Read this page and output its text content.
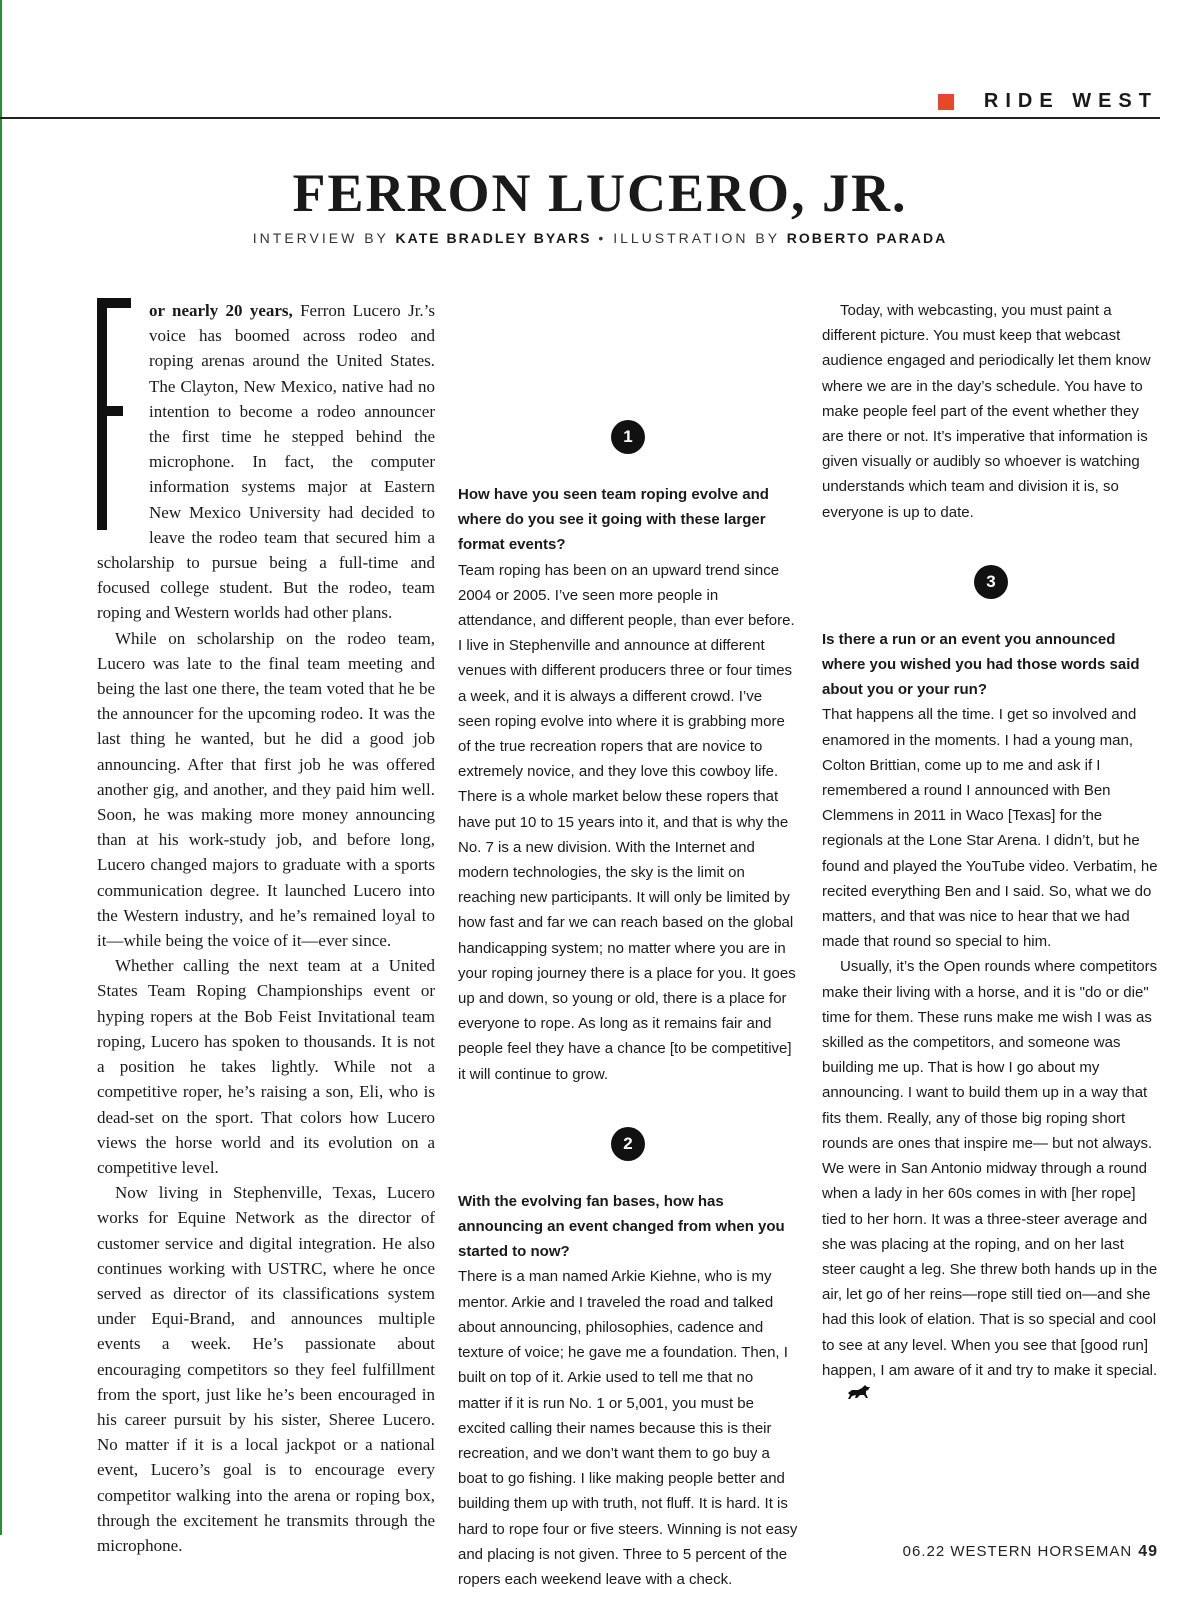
RIDE WEST
FERRON LUCERO, JR.
INTERVIEW BY KATE BRADLEY BYARS • ILLUSTRATION BY ROBERTO PARADA

or nearly 20 years, Ferron Lucero Jr.’s voice has boomed across rodeo and roping arenas around the United States. The Clayton, New Mexico, native had no intention to become a rodeo announcer the first time he stepped behind the microphone. In fact, the computer information systems major at Eastern New Mexico University had decided to leave the rodeo team that secured him a scholarship to pursue being a full-time and focused college student. But the rodeo, team roping and Western worlds had other plans.

While on scholarship on the rodeo team, Lucero was late to the final team meeting and being the last one there, the team voted that he be the announcer for the upcoming rodeo. It was the last thing he wanted, but he did a good job announcing. After that first job he was offered another gig, and another, and they paid him well. Soon, he was making more money announcing than at his work-study job, and before long, Lucero changed majors to graduate with a sports communication degree. It launched Lucero into the Western industry, and he’s remained loyal to it—while being the voice of it—ever since.

Whether calling the next team at a United States Team Roping Championships event or hyping ropers at the Bob Feist Invitational team roping, Lucero has spoken to thousands. It is not a position he takes lightly. While not a competitive roper, he’s raising a son, Eli, who is dead-set on the sport. That colors how Lucero views the horse world and its evolution on a competitive level.

Now living in Stephenville, Texas, Lucero works for Equine Network as the director of customer service and digital integration. He also continues working with USTRC, where he once served as director of its classifications system under Equi-Brand, and announces multiple events a week. He’s passionate about encouraging competitors so they feel fulfillment from the sport, just like he’s been encouraged in his career pursuit by his sister, Sheree Lucero. No matter if it is a local jackpot or a national event, Lucero’s goal is to encourage every competitor walking into the arena or roping box, through the excitement he transmits through the microphone.

1
How have you seen team roping evolve and where do you see it going with these larger format events?

Team roping has been on an upward trend since 2004 or 2005. I’ve seen more people in attendance, and different people, than ever before. I live in Stephenville and announce at different venues with different producers three or four times a week, and it is always a different crowd. I’ve seen roping evolve into where it is grabbing more of the true recreation ropers that are novice to extremely novice, and they love this cowboy life. There is a whole market below these ropers that have put 10 to 15 years into it, and that is why the No. 7 is a new division. With the Internet and modern technologies, the sky is the limit on reaching new participants. It will only be limited by how fast and far we can reach based on the global handicapping system; no matter where you are in your roping journey there is a place for you. It goes up and down, so young or old, there is a place for everyone to rope. As long as it remains fair and people feel they have a chance [to be competitive] it will continue to grow.

2
With the evolving fan bases, how has announcing an event changed from when you started to now?

There is a man named Arkie Kiehne, who is my mentor. Arkie and I traveled the road and talked about announcing, philosophies, cadence and texture of voice; he gave me a foundation. Then, I built on top of it. Arkie used to tell me that no matter if it is run No. 1 or 5,001, you must be excited calling their names because this is their recreation, and we don’t want them to go buy a boat to go fishing. I like making people better and building them up with truth, not fluff. It is hard. It is hard to rope four or five steers. Winning is not easy and placing is not given. Three to 5 percent of the ropers each weekend leave with a check.

Today, with webcasting, you must paint a different picture. You must keep that webcast audience engaged and periodically let them know where we are in the day’s schedule. You have to make people feel part of the event whether they are there or not. It’s imperative that information is given visually or audibly so whoever is watching understands which team and division it is, so everyone is up to date.

3
Is there a run or an event you announced where you wished you had those words said about you or your run?

That happens all the time. I get so involved and enamored in the moments. I had a young man, Colton Brittian, come up to me and ask if I remembered a round I announced with Ben Clemmens in 2011 in Waco [Texas] for the regionals at the Lone Star Arena. I didn’t, but he found and played the YouTube video. Verbatim, he recited everything Ben and I said. So, what we do matters, and that was nice to hear that we had made that round so special to him.

Usually, it’s the Open rounds where competitors make their living with a horse, and it is "do or die" time for them. These runs make me wish I was as skilled as the competitors, and someone was building me up. That is how I go about my announcing. I want to build them up in a way that fits them. Really, any of those big roping short rounds are ones that inspire me— but not always. We were in San Antonio midway through a round when a lady in her 60s comes in with [her rope] tied to her horn. It was a three-steer average and she was placing at the roping, and on her last steer caught a leg. She threw both hands up in the air, let go of her reins—rope still tied on—and she had this look of elation. That is so special and cool to see at any level. When you see that [good run] happen, I am aware of it and try to make it special.

06.22 WESTERN HORSEMAN 49
